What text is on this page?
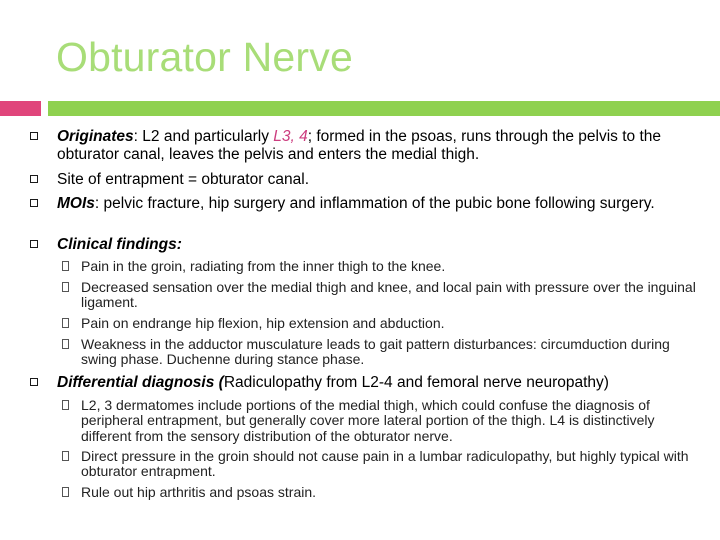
Obturator Nerve
Originates: L2 and particularly L3, 4; formed in the psoas, runs through the pelvis to the obturator canal, leaves the pelvis and enters the medial thigh.
Site of entrapment = obturator canal.
MOIs: pelvic fracture, hip surgery and inflammation of the pubic bone following surgery.
Clinical findings:
Pain in the groin, radiating from the inner thigh to the knee.
Decreased sensation over the medial thigh and knee, and local pain with pressure over the inguinal ligament.
Pain on endrange hip flexion, hip extension and abduction.
Weakness in the adductor musculature leads to gait pattern disturbances: circumduction during swing phase. Duchenne during stance phase.
Differential diagnosis (Radiculopathy from L2-4 and femoral nerve neuropathy)
L2, 3 dermatomes include portions of the medial thigh, which could confuse the diagnosis of peripheral entrapment, but generally cover more lateral portion of the thigh. L4 is distinctively different from the sensory distribution of the obturator nerve.
Direct pressure in the groin should not cause pain in a lumbar radiculopathy, but highly typical with obturator entrapment.
Rule out hip arthritis and psoas strain.
